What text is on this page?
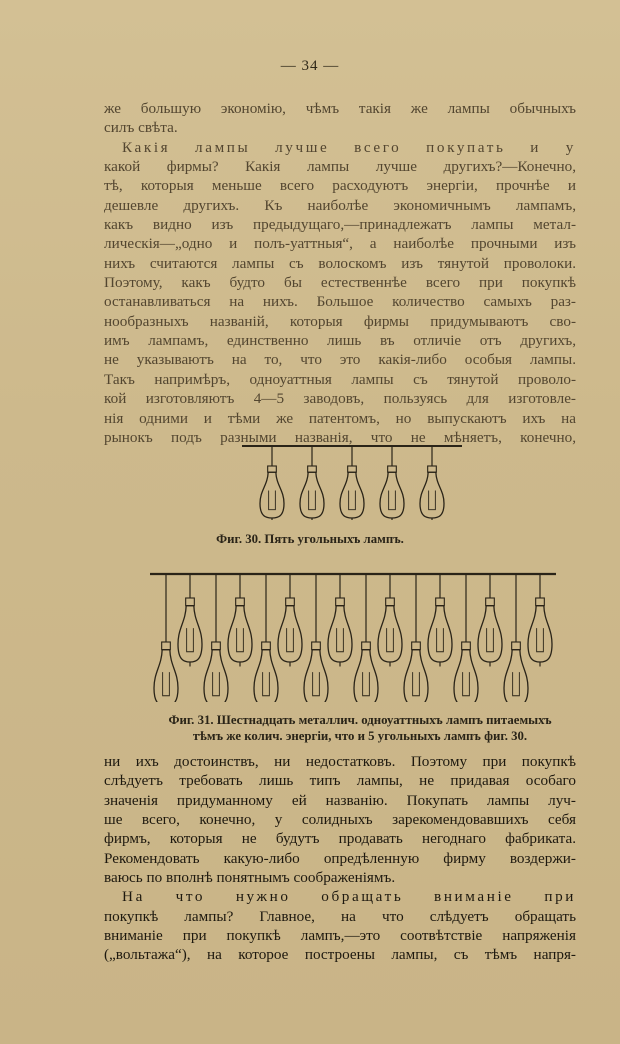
— 34 —
же большую экономію, чѣмъ такія же лампы обычныхъ
силъ свѣта.
Какія лампы лучше всего покупать и у
какой фирмы? Какія лампы лучше другихъ?—Конечно,
тѣ, которыя меньше всего расходуютъ энергіи, прочнѣе и
дешевле другихъ. Къ наиболѣе экономичнымъ лампамъ,
какъ видно изъ предыдущаго,—принадлежатъ лампы метал-
лическія—„одно и полъ-уаттныя“, а наиболѣе прочными изъ
нихъ считаются лампы съ волоскомъ изъ тянутой проволоки.
Поэтому, какъ будто бы естественнѣе всего при покупкѣ
останавливаться на нихъ. Большое количество самыхъ раз-
нообразныхъ названій, которыя фирмы придумываютъ сво-
имъ лампамъ, единственно лишь въ отличіе отъ другихъ,
не указываютъ на то, что это какія-либо особыя лампы.
Такъ напримѣръ, одноуаттныя лампы съ тянутой проволо-
кой изготовляютъ 4—5 заводовъ, пользуясь для изготовле-
нія одними и тѣми же патентомъ, но выпускаютъ ихъ на
рынокъ подъ разными названія, что не мѣняетъ, конечно,
Фиг. 30. Пять угольныхъ лампъ.
Фиг. 31. Шестнадцать металлич. одноуаттныхъ лампъ питаемыхъ
тѣмъ же колич. энергіи, что и 5 угольныхъ лампъ фиг. 30.
ни ихъ достоинствъ, ни недостатковъ. Поэтому при покупкѣ
слѣдуетъ требовать лишь типъ лампы, не придавая особаго
значенія придуманному ей названію. Покупать лампы луч-
ше всего, конечно, у солидныхъ зарекомендовавшихъ себя
фирмъ, которыя не будутъ продавать негоднаго фабриката.
Рекомендовать какую-либо опредѣленную фирму воздержи-
ваюсь по вполнѣ понятнымъ соображеніямъ.
На что нужно обращать вниманіе при
покупкѣ лампы? Главное, на что слѣдуетъ обращать
вниманіе при покупкѣ лампъ,—это соотвѣтствіе напряженія
(„вольтажа“), на которое построены лампы, съ тѣмъ напря-
